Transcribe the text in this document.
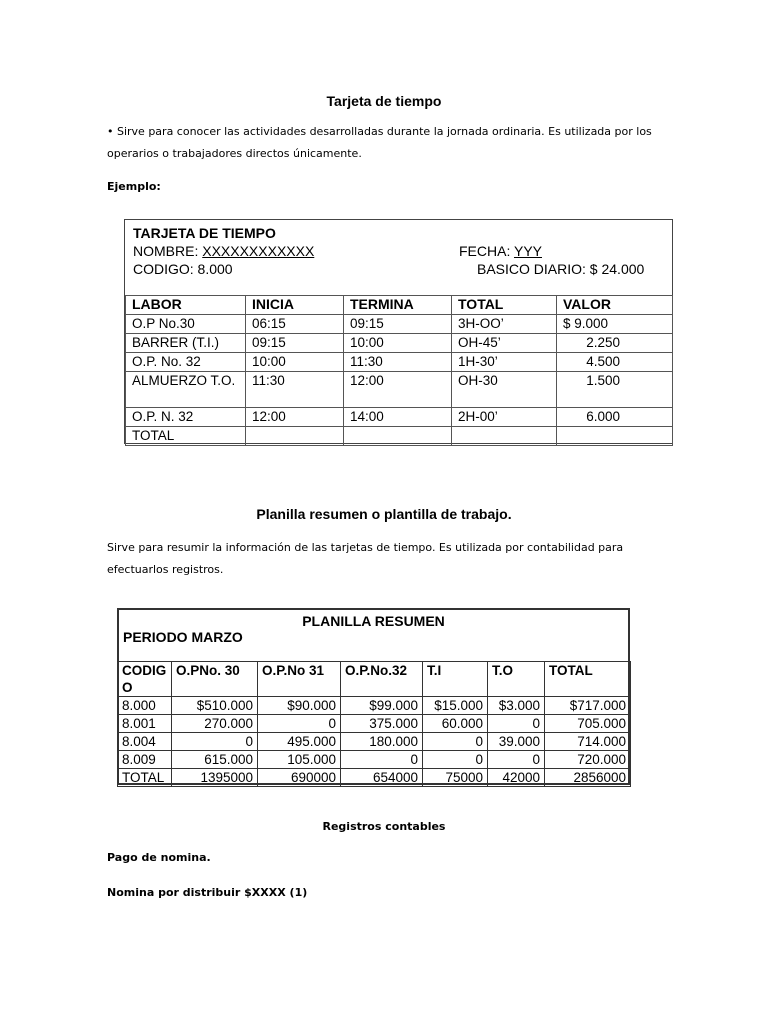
Tarjeta de tiempo
• Sirve para conocer las actividades desarrolladas durante la jornada ordinaria. Es utilizada por los
operarios o trabajadores directos únicamente.
Ejemplo:
TARJETA DE TIEMPO
NOMBRE: XXXXXXXXXXXX	FECHA: YYY
CODIGO: 8.000	BASICO DIARIO: $ 24.000
LABOR	INICIA	TERMINA	TOTAL	VALOR
O.P No.30	06:15	09:15	3H-OO’	$ 9.000
BARRER (T.I.)	09:15	10:00	OH-45’	2.250
O.P. No. 32	10:00	11:30	1H-30’	4.500
ALMUERZO T.O.	11:30	12:00	OH-30	1.500
O.P. N. 32	12:00	14:00	2H-00’	6.000
TOTAL				
Planilla resumen o plantilla de trabajo.
Sirve para resumir la información de las tarjetas de tiempo. Es utilizada por contabilidad para
efectuarlos registros.
PLANILLA RESUMEN
PERIODO MARZO
CODIGO	O.PNo. 30	O.P.No 31	O.P.No.32	T.I	T.O	TOTAL
8.000	$510.000	$90.000	$99.000	$15.000	$3.000	$717.000
8.001	270.000	0	375.000	60.000	0	705.000
8.004	0	495.000	180.000	0	39.000	714.000
8.009	615.000	105.000	0	0	0	720.000
TOTAL	1395000	690000	654000	75000	42000	2856000
Registros contables
Pago de nomina.
Nomina por distribuir $XXXX (1)
